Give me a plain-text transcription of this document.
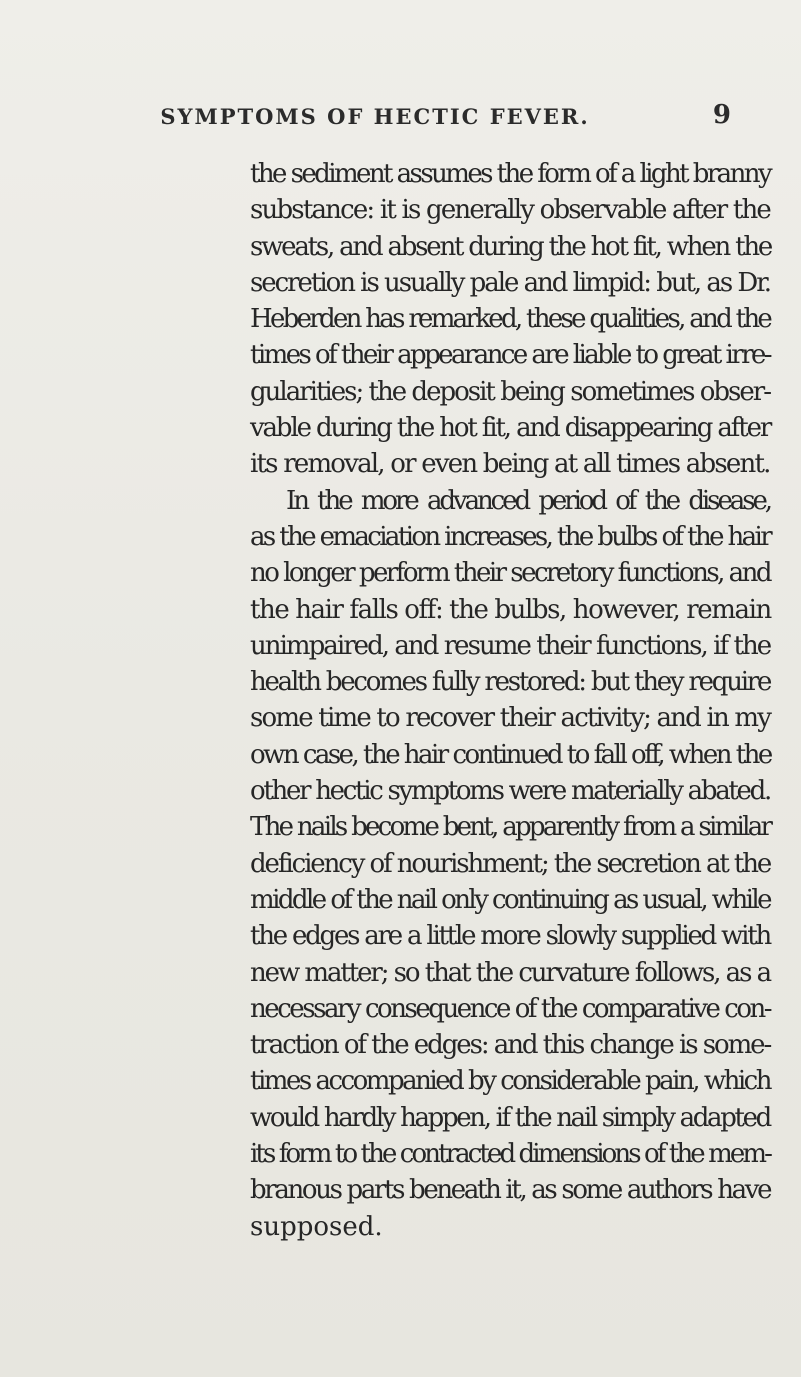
SYMPTOMS OF HECTIC FEVER.	9
the sediment assumes the form of a light branny
substance: it is generally observable after the
sweats, and absent during the hot fit, when the
secretion is usually pale and limpid: but, as Dr.
Heberden has remarked, these qualities, and the
times of their appearance are liable to great irre-
gularities; the deposit being sometimes obser-
vable during the hot fit, and disappearing after
its removal, or even being at all times absent.
In the more advanced period of the disease,
as the emaciation increases, the bulbs of the hair
no longer perform their secretory functions, and
the hair falls off: the bulbs, however, remain
unimpaired, and resume their functions, if the
health becomes fully restored: but they require
some time to recover their activity; and in my
own case, the hair continued to fall off, when the
other hectic symptoms were materially abated.
The nails become bent, apparently from a similar
deficiency of nourishment; the secretion at the
middle of the nail only continuing as usual, while
the edges are a little more slowly supplied with
new matter; so that the curvature follows, as a
necessary consequence of the comparative con-
traction of the edges: and this change is some-
times accompanied by considerable pain, which
would hardly happen, if the nail simply adapted
its form to the contracted dimensions of the mem-
branous parts beneath it, as some authors have
supposed.
